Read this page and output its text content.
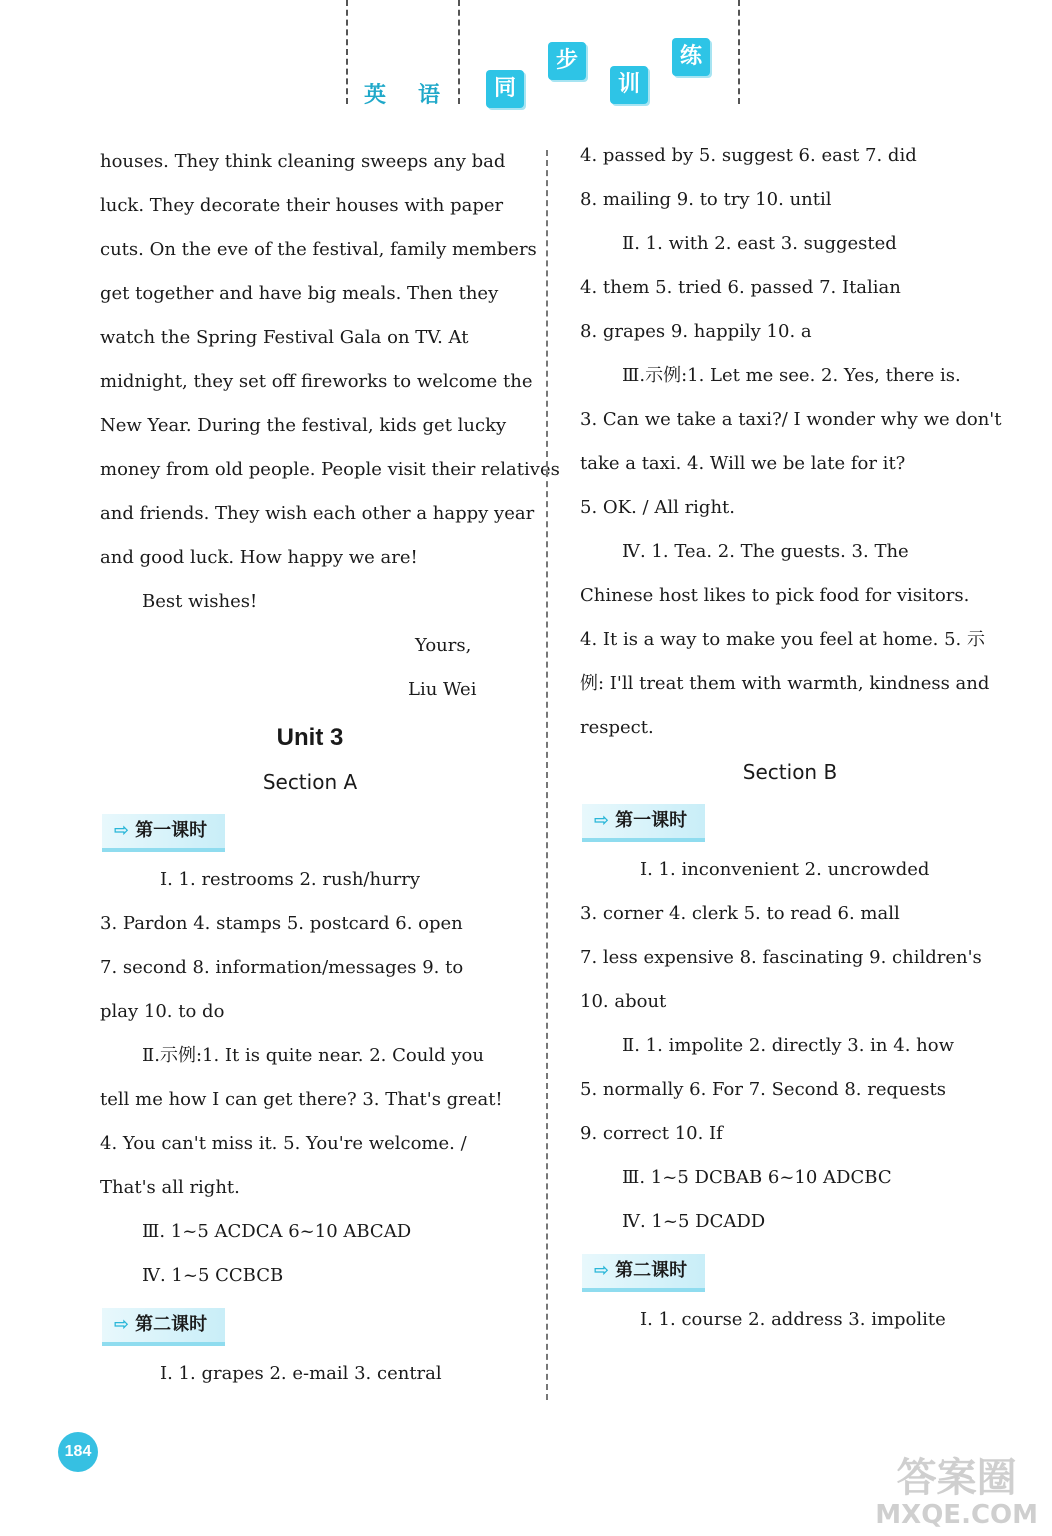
英 语	同
步
训
练

houses. They think cleaning sweeps any bad

luck. They decorate their houses with paper

cuts. On the eve of the festival, family members

get together and have big meals. Then they

watch the Spring Festival Gala on TV. At

midnight, they set off fireworks to welcome the

New Year. During the festival, kids get lucky

money from old people. People visit their relatives

and friends. They wish each other a happy year

and good luck. How happy we are!

Best wishes!

Yours,

Liu Wei

Unit 3

Section A

⇨ 第一课时

Ⅰ. 1. restrooms 2. rush/hurry

3. Pardon 4. stamps 5. postcard 6. open

7. second 8. information/messages 9. to

play 10. to do

Ⅱ.示例:1. It is quite near. 2. Could you

tell me how I can get there? 3. That's great!

4. You can't miss it. 5. You're welcome. /

That's all right.

Ⅲ. 1~5 ACDCA 6~10 ABCAD

Ⅳ. 1~5 CCBCB

⇨ 第二课时

Ⅰ. 1. grapes 2. e-mail 3. central

4. passed by 5. suggest 6. east 7. did

8. mailing 9. to try 10. until

Ⅱ. 1. with 2. east 3. suggested

4. them 5. tried 6. passed 7. Italian

8. grapes 9. happily 10. a

Ⅲ.示例:1. Let me see. 2. Yes, there is.

3. Can we take a taxi?/ I wonder why we don't

take a taxi. 4. Will we be late for it?

5. OK. / All right.

Ⅳ. 1. Tea. 2. The guests. 3. The

Chinese host likes to pick food for visitors.

4. It is a way to make you feel at home. 5. 示

例: I'll treat them with warmth, kindness and

respect.

Section B

⇨ 第一课时

Ⅰ. 1. inconvenient 2. uncrowded

3. corner 4. clerk 5. to read 6. mall

7. less expensive 8. fascinating 9. children's

10. about

Ⅱ. 1. impolite 2. directly 3. in 4. how

5. normally 6. For 7. Second 8. requests

9. correct 10. If

Ⅲ. 1~5 DCBAB 6~10 ADCBC

Ⅳ. 1~5 DCADD

⇨ 第二课时

Ⅰ. 1. course 2. address 3. impolite

184
答案圈
MXQE.COM
